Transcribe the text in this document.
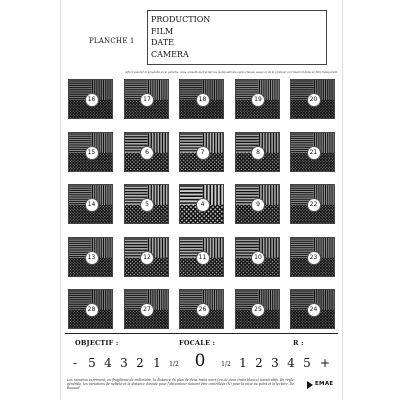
PLANCHE 1
PRODUCTION
FILM
DATE
CAMERA
Afin d'assurer la longévité de la planche, nous conseillons d'éviter les manipulations après chaque usage et de la protéger en l'insérant dans un film transparent.
16	17	18	19	20
15	6	7	8	21
14	5	4	9	22
13	12	11	10	23
28	27	26	25	24
OBJECTIF :	FOCALE :	R :
- 5 4 3 2 1 1/2 0	1/2 1 2 3 4 5 +
Les numéros expriment, en fragilisme de millimètre, la distance du plan de deux traits noirs (ou de deux traits blancs) consécutifs. En règle générale, les variations de netteté et la distance donnée pour l'obturateur doivent être contrôlées (N) pour la mise au point et la lecture. De Roussel.
EMAE
